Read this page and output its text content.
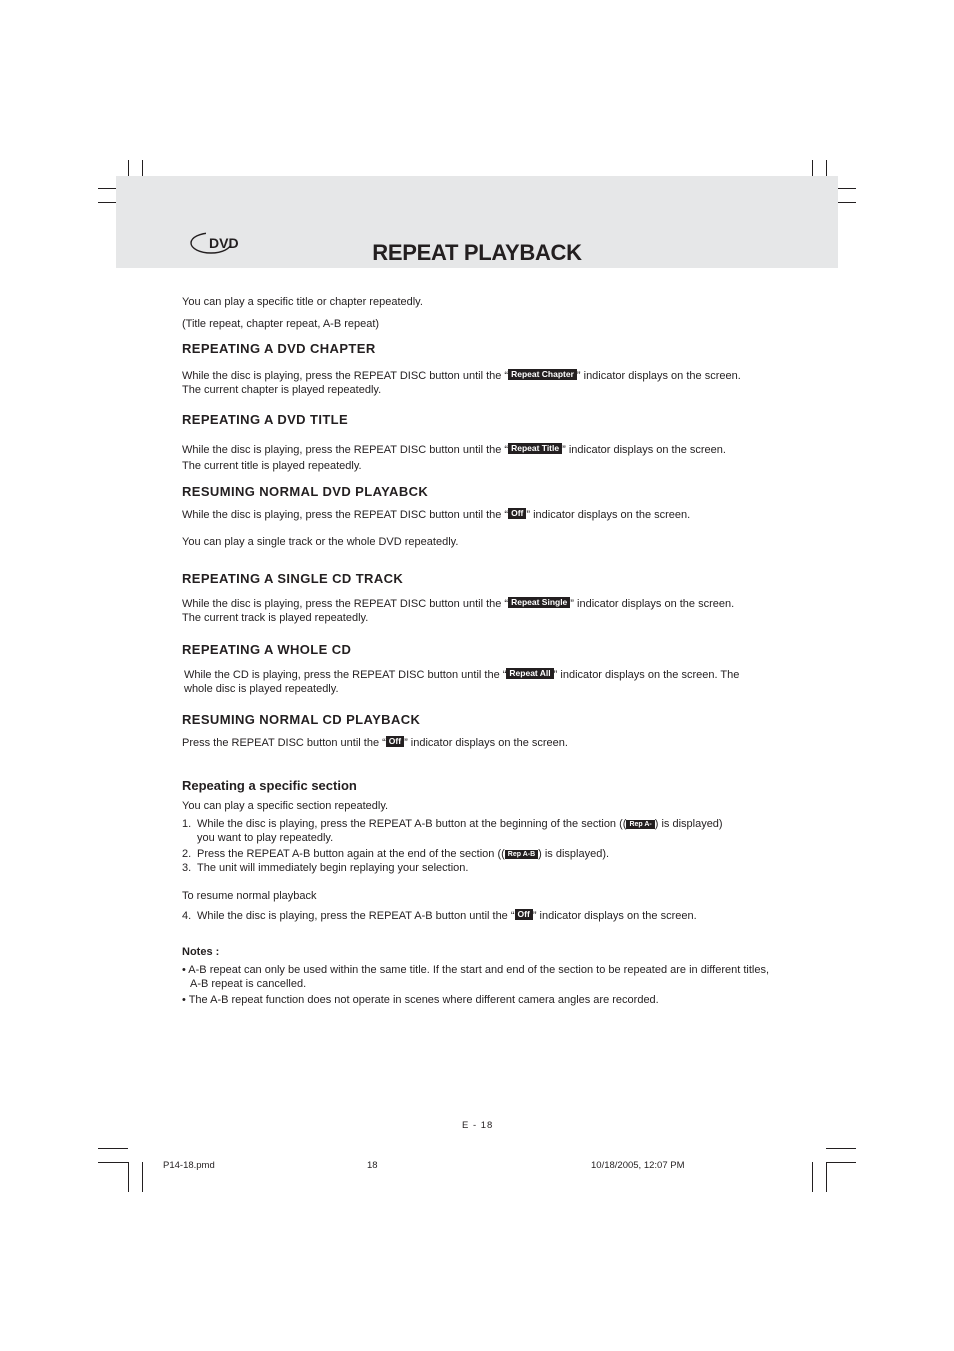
DVD	REPEAT PLAYBACK
You can play a specific title or chapter repeatedly.
(Title repeat, chapter repeat, A-B repeat)
REPEATING A DVD CHAPTER
While the disc is playing, press the REPEAT DISC button until the “ Repeat Chapter ” indicator displays on the screen.
The current chapter is played repeatedly.
REPEATING A DVD TITLE
While the disc is playing, press the REPEAT DISC button until the “ Repeat Title ” indicator displays on the screen.
The current title is played repeatedly.
RESUMING NORMAL DVD PLAYABCK
While the disc is playing, press the REPEAT DISC button until the “ Off ” indicator displays on the screen.
You can play a single track or the whole DVD repeatedly.
REPEATING A SINGLE CD TRACK
While the disc is playing, press the REPEAT DISC button until the “ Repeat Single ” indicator displays on the screen.
The current track is played repeatedly.
REPEATING A WHOLE CD
While the CD is playing, press the REPEAT DISC button until the “ Repeat All ” indicator displays on the screen. The
whole disc is played repeatedly.
RESUMING NORMAL CD PLAYBACK
Press the REPEAT DISC button until the “ Off ” indicator displays on the screen.
Repeating a specific section
You can play a specific section repeatedly.
1. While the disc is playing, press the REPEAT A-B button at the beginning of the section (( Rep A- ) is displayed)
you want to play repeatedly.
2. Press the REPEAT A-B button again at the end of the section (( Rep A-B ) is displayed).
3. The unit will immediately begin replaying your selection.
To resume normal playback
4. While the disc is playing, press the REPEAT A-B button until the “ Off ” indicator displays on the screen.
Notes :
• A-B repeat can only be used within the same title. If the start and end of the section to be repeated are in different titles,
A-B repeat is cancelled.
• The A-B repeat function does not operate in scenes where different camera angles are recorded.
E - 18
P14-18.pmd	18	10/18/2005, 12:07 PM
